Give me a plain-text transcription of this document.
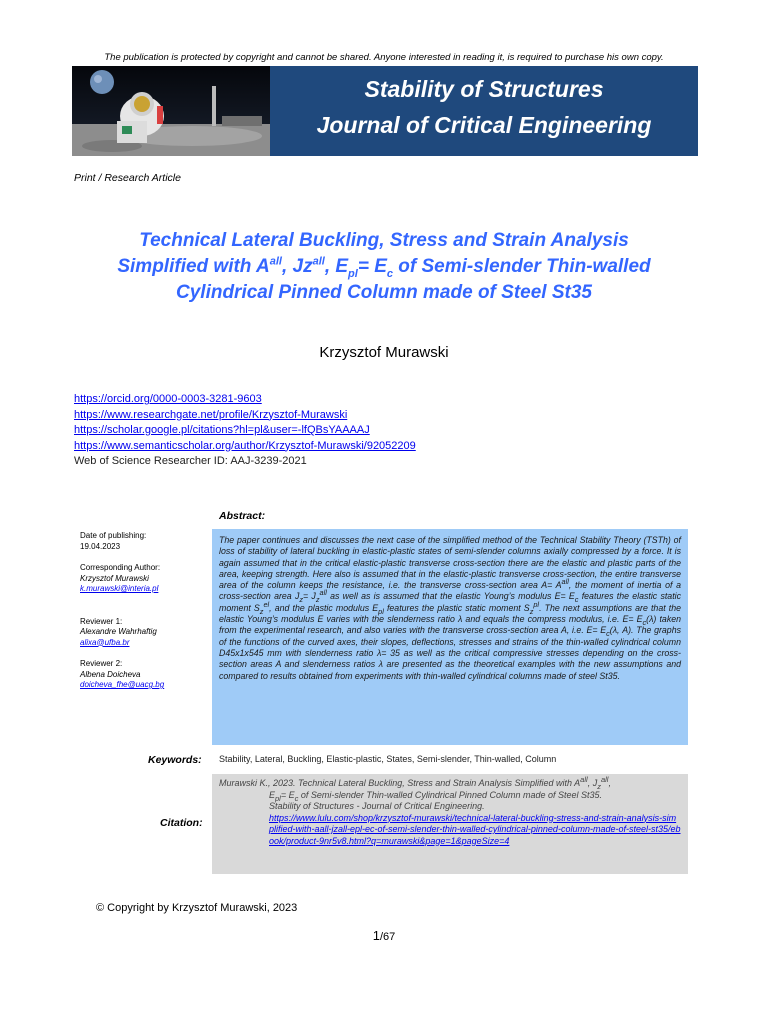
The publication is protected by copyright and cannot be shared. Anyone interested in reading it, is required to purchase his own copy.
Stability of Structures
Journal of Critical Engineering
Print / Research Article
Technical Lateral Buckling, Stress and Strain Analysis
Simplified with $A^{all}$, $Jz^{all}$, $E_{pl}= E_c$ of Semi-slender Thin-walled
Cylindrical Pinned Column made of Steel St35
Krzysztof Murawski
https://orcid.org/0000-0003-3281-9603
https://www.researchgate.net/profile/Krzysztof-Murawski
https://scholar.google.pl/citations?hl=pl&user=-lfQBsYAAAAJ
https://www.semanticscholar.org/author/Krzysztof-Murawski/92052209
Web of Science Researcher ID: AAJ-3239-2021
Date of publishing:
19.04.2023
Corresponding Author:
Krzysztof Murawski
k.murawski@interia.pl
Reviewer 1:
Alexandre Wahrhaftig
alixa@ufba.br
Reviewer 2:
Albena Doicheva
doicheva_fhe@uacg.bg
Abstract:
The paper continues and discusses the next case of the simplified method of the Technical Stability Theory (TSTh) of loss of stability of lateral buckling in elastic-plastic states of semi-slender columns axially compressed by a force. It is again assumed that in the critical elastic-plastic transverse cross-section there are the elastic and plastic parts of the area, keeping strength. Here also is assumed that in the elastic-plastic transverse cross-section, the entire transverse area of the column keeps the resistance, i.e. the transverse cross-section area $A= A^{all}$, the moment of inertia of a cross-section area $J_z= J_z^{all}$ as well as is assumed that the elastic Young’s modulus $E= E_c$ features the elastic static moment $S_z^{el}$, and the plastic modulus $E_{pl}$ features the plastic static moment $S_z^{pl}$. The next assumptions are that the elastic Young’s modulus E varies with the slenderness ratio λ and equals the compress modulus, i.e. $E= E_c(\lambda)$ taken from the experimental research, and also varies with the transverse cross-section area A, i.e. $E= E_c(\lambda$, A). The graphs of the functions of the curved axes, their slopes, deflections, stresses and strains of the thin-walled cylindrical column D45x1x545 mm with slenderness ratio λ= 35 as well as the critical compressive stresses depending on the cross-section areas A and slenderness ratios λ are presented as the theoretical examples with the new assumptions and compared to results obtained from experiments with thin-walled cylindrical columns made of steel St35.
Keywords: Stability, Lateral, Buckling, Elastic-plastic, States, Semi-slender, Thin-walled, Column
Citation:
Murawski K., 2023. Technical Lateral Buckling, Stress and Strain Analysis Simplified with $A^{all}$, $J_z^{all}$,
$E_{pl}= E_c$ of Semi-slender Thin-walled Cylindrical Pinned Column made of Steel St35.
Stability of Structures - Journal of Critical Engineering.
https://www.lulu.com/shop/krzysztof-murawski/technical-lateral-buckling-stress-and-strain-analysis-simplified-with-aall-jzall-epl-ec-of-semi-slender-thin-walled-cylindrical-pinned-column-made-of-steel-st35/ebook/product-9nr5v8.html?q=murawski&page=1&pageSize=4
© Copyright by Krzysztof Murawski, 2023
1/67
